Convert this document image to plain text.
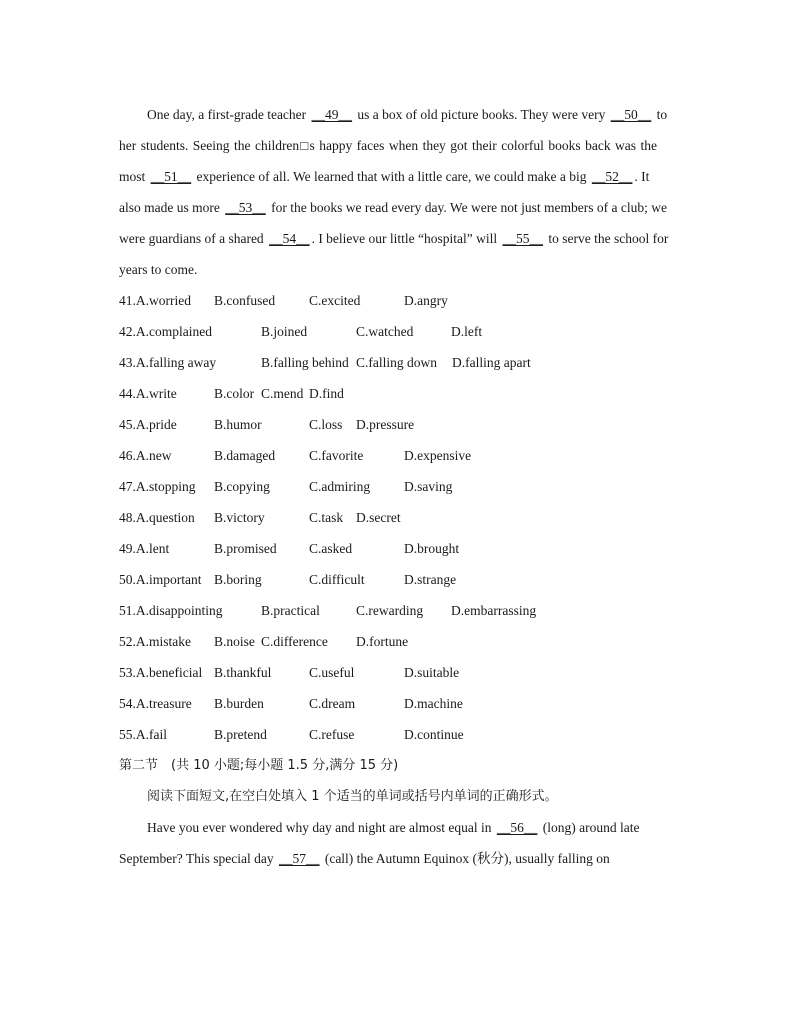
One day, a first-grade teacher __49__ us a box of old picture books. They were very __50__ to
her students. Seeing the children□s happy faces when they got their colorful books back was the
most __51__ experience of all. We learned that with a little care, we could make a big __52__ . It
also made us more __53__ for the books we read every day. We were not just members of a club; we
were guardians of a shared __54__ . I believe our little “hospital” will __55__ to serve the school for
years to come.
41.A.worried B.confused	C.excited	D.angry
42.A.complained	B.joined	C.watched	D.left
43.A.falling away	B.falling behind C.falling down D.falling apart
44.A.write	B.color C.mend D.find
45.A.pride	B.humor	C.loss D.pressure
46.A.new	B.damaged	C.favorite	D.expensive
47.A.stopping B.copying	C.admiring	D.saving
48.A.question B.victory	C.task D.secret
49.A.lent	B.promised C.asked	D.brought
50.A.important B.boring	C.difficult	D.strange
51.A.disappointing	B.practical	C.rewarding D.embarrassing
52.A.mistake B.noise C.difference D.fortune
53.A.beneficial B.thankful	C.useful	D.suitable
54.A.treasure B.burden	C.dream	D.machine
55.A.fail	B.pretend	C.refuse	D.continue
第二节　(共 10 小题;每小题 1.5 分,满分 15 分)
阅读下面短文,在空白处填入 1 个适当的单词或括号内单词的正确形式。
Have you ever wondered why day and night are almost equal in __56__ (long) around late
September? This special day __57__ (call) the Autumn Equinox (秋分), usually falling on
